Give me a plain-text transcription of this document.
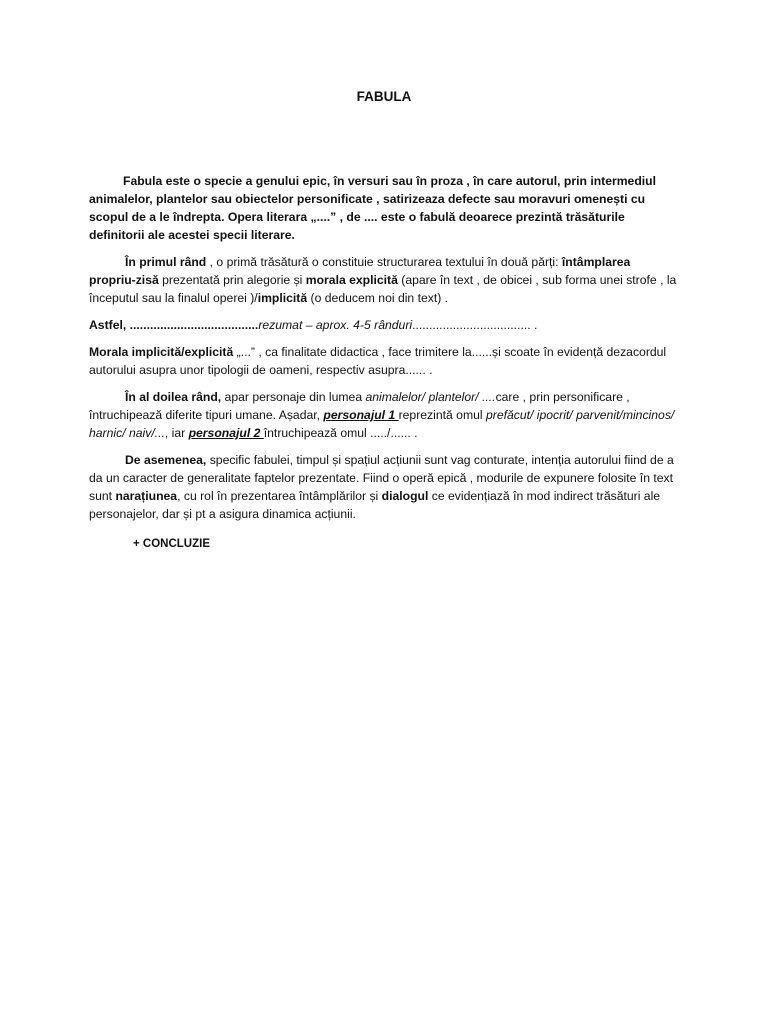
FABULA

Fabula este o specie a genului epic, în versuri sau în proza , în care autorul, prin intermediul animalelor, plantelor sau obiectelor personificate , satirizeaza defecte sau moravuri omenești cu scopul de a le îndrepta. Opera literara „....” , de .... este o fabulă deoarece prezintă trăsăturile definitorii ale acestei specii literare.

În primul rând , o primă trăsătură o constituie structurarea textului în două părți: întâmplarea propriu-zisă prezentată prin alegorie și morala explicită (apare în text , de obicei , sub forma unei strofe , la începutul sau la finalul operei )/implicită (o deducem noi din text) .

Astfel, ......................................rezumat – aprox. 4-5 rânduri................................... .

Morala implicită/explicită „...” , ca finalitate didactica , face trimitere la......și scoate în evidență dezacordul autorului asupra unor tipologii de oameni, respectiv asupra...... .

În al doilea rând, apar personaje din lumea animalelor/ plantelor/ ....care , prin personificare , întruchipează diferite tipuri umane. Așadar, personajul 1 reprezintă omul prefăcut/ ipocrit/ parvenit/mincinos/ harnic/ naiv/..., iar personajul 2 întruchipează omul ...../...... .

De asemenea, specific fabulei, timpul și spațiul acțiunii sunt vag conturate, intenția autorului fiind de a da un caracter de generalitate faptelor prezentate. Fiind o operă epică , modurile de expunere folosite în text sunt narațiunea, cu rol în prezentarea întâmplărilor și dialogul ce evidențiază în mod indirect trăsături ale personajelor, dar și pt a asigura dinamica acțiunii.

+ CONCLUZIE
